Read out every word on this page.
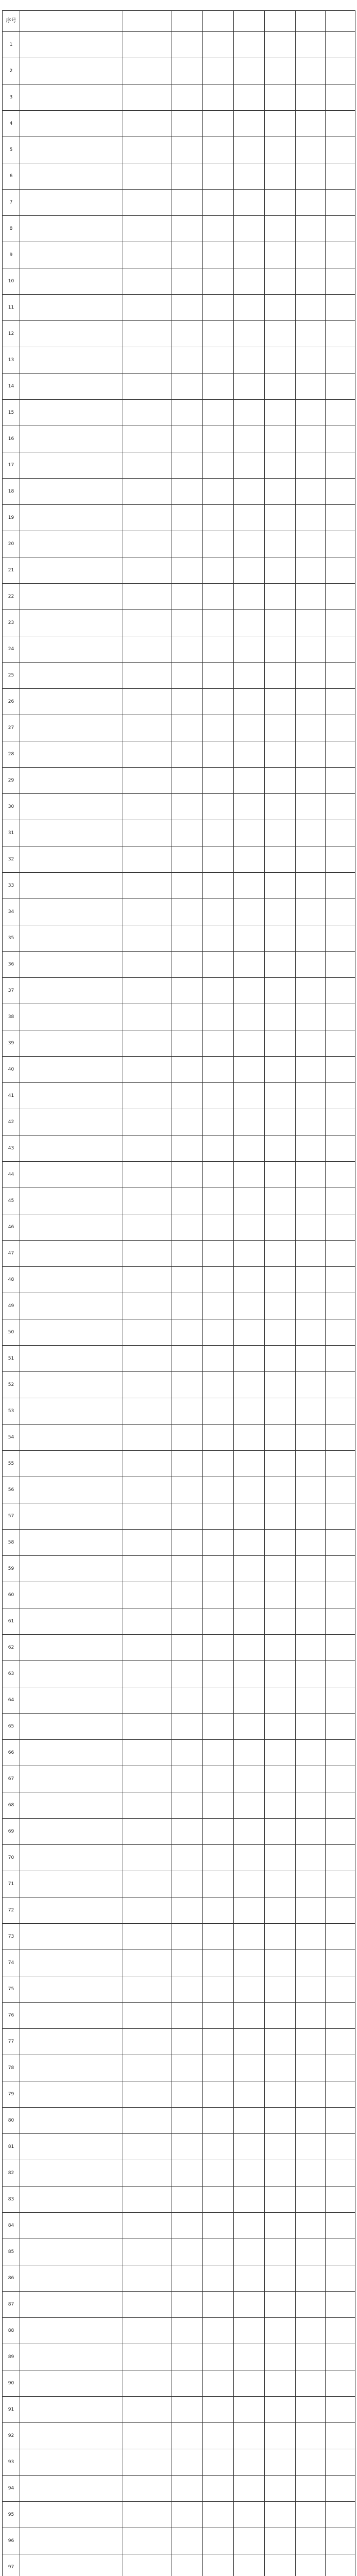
序号								
1								
2								
3								
4								
5								
6								
7								
8								
9								
10								
11								
12								
13								
14								
15								
16								
17								
18								
19								
20								
21								
22								
23								
24								
25								
26								
27								
28								
29								
30								
31								
32								
33								
34								
35								
36								
37								
38								
39								
40								
41								
42								
43								
44								
45								
46								
47								
48								
49								
50								
51								
52								
53								
54								
55								
56								
57								
58								
59								
60								
61								
62								
63								
64								
65								
66								
67								
68								
69								
70								
71								
72								
73								
74								
75								
76								
77								
78								
79								
80								
81								
82								
83								
84								
85								
86								
87								
88								
89								
90								
91								
92								
93								
94								
95								
96								
97								
